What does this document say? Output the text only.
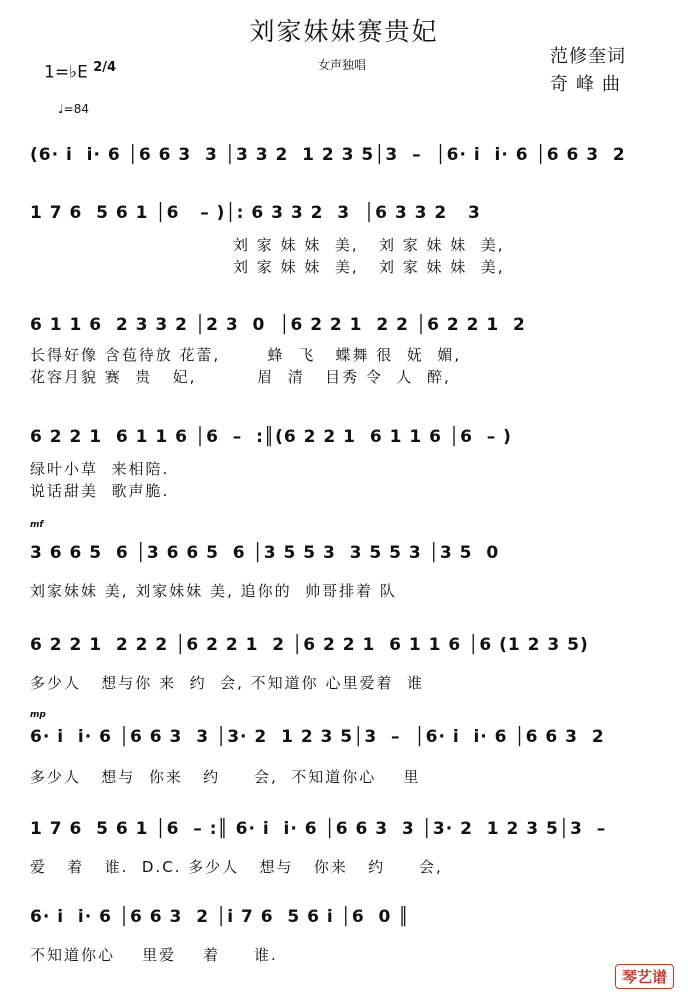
刘家妹妹赛贵妃
1=♭E $^{2/4}$	女声独唱	范修奎词
奇峰曲
♩=84
(6· i  i· 6 │6 6 3  3 │3 3 2  1 2 3 5│3  –  │6· i  i· 6 │6 6 3  2
1 7 6  5 6 1 │6   – )│: 6 3 3 2  3  │6 3 3 2   3
刘 家 妹 妹  美,   刘 家 妹 妹  美,
刘 家 妹 妹  美,   刘 家 妹 妹  美,
6 1 1 6  2 3 3 2 │2 3  0  │6 2 2 1  2 2 │6 2 2 1  2
长得好像 含苞待放 花蕾,       蜂  飞   蝶舞 很  妩  媚,
花容月貌 赛  贵   妃,         眉  清   目秀 令  人  醉,
6 2 2 1  6 1 1 6 │6  –  :║(6 2 2 1  6 1 1 6 │6  – )
绿叶小草  来相陪.
说话甜美  歌声脆.
mf
3 6 6 5  6 │3 6 6 5  6 │3 5 5 3  3 5 5 3 │3 5  0
刘家妹妹 美, 刘家妹妹 美, 追你的  帅哥排着 队
6 2 2 1  2 2 2 │6 2 2 1  2 │6 2 2 1  6 1 1 6 │6 (1 2 3 5)
多少人   想与你 来  约  会, 不知道你 心里爱着  谁
mp
6· i  i· 6 │6 6 3  3 │3· 2  1 2 3 5│3  –  │6· i  i· 6 │6 6 3  2
多少人   想与  你来   约     会,  不知道你心    里
1 7 6  5 6 1 │6  – :║ 6· i  i· 6 │6 6 3  3 │3· 2  1 2 3 5│3  –
爱   着   谁.  D.C. 多少人   想与   你来   约     会,
6· i  i· 6 │6 6 3  2 │i 7 6  5 6 i │6  0 ║
不知道你心    里爱    着     谁.
琴艺谱
